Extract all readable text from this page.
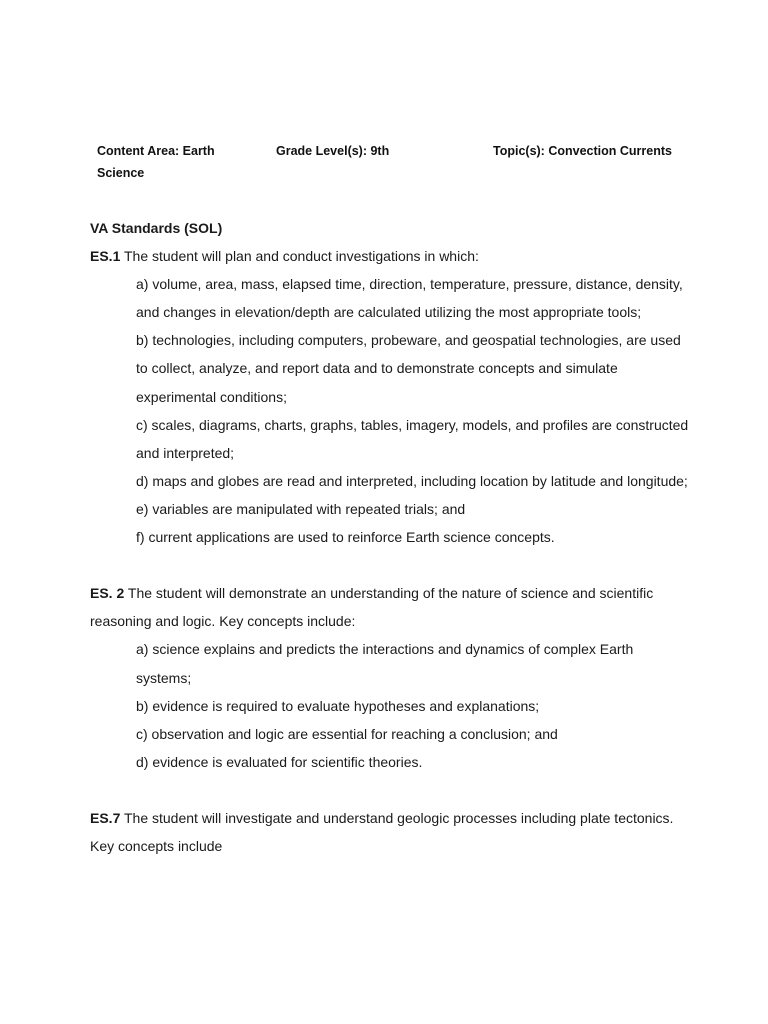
Content Area: Earth Science
Grade Level(s): 9th	Topic(s): Convection Currents

VA Standards (SOL)

ES.1 The student will plan and conduct investigations in which:

a) volume, area, mass, elapsed time, direction, temperature, pressure, distance, density, and changes in elevation/depth are calculated utilizing the most appropriate tools;

b) technologies, including computers, probeware, and geospatial technologies, are used to collect, analyze, and report data and to demonstrate concepts and simulate experimental conditions;

c) scales, diagrams, charts, graphs, tables, imagery, models, and profiles are constructed and interpreted;

d) maps and globes are read and interpreted, including location by latitude and longitude;

e) variables are manipulated with repeated trials; and

f) current applications are used to reinforce Earth science concepts.

ES. 2 The student will demonstrate an understanding of the nature of science and scientific reasoning and logic. Key concepts include:

a) science explains and predicts the interactions and dynamics of complex Earth systems;

b) evidence is required to evaluate hypotheses and explanations;

c) observation and logic are essential for reaching a conclusion; and

d) evidence is evaluated for scientific theories.

ES.7 The student will investigate and understand geologic processes including plate tectonics. Key concepts include
